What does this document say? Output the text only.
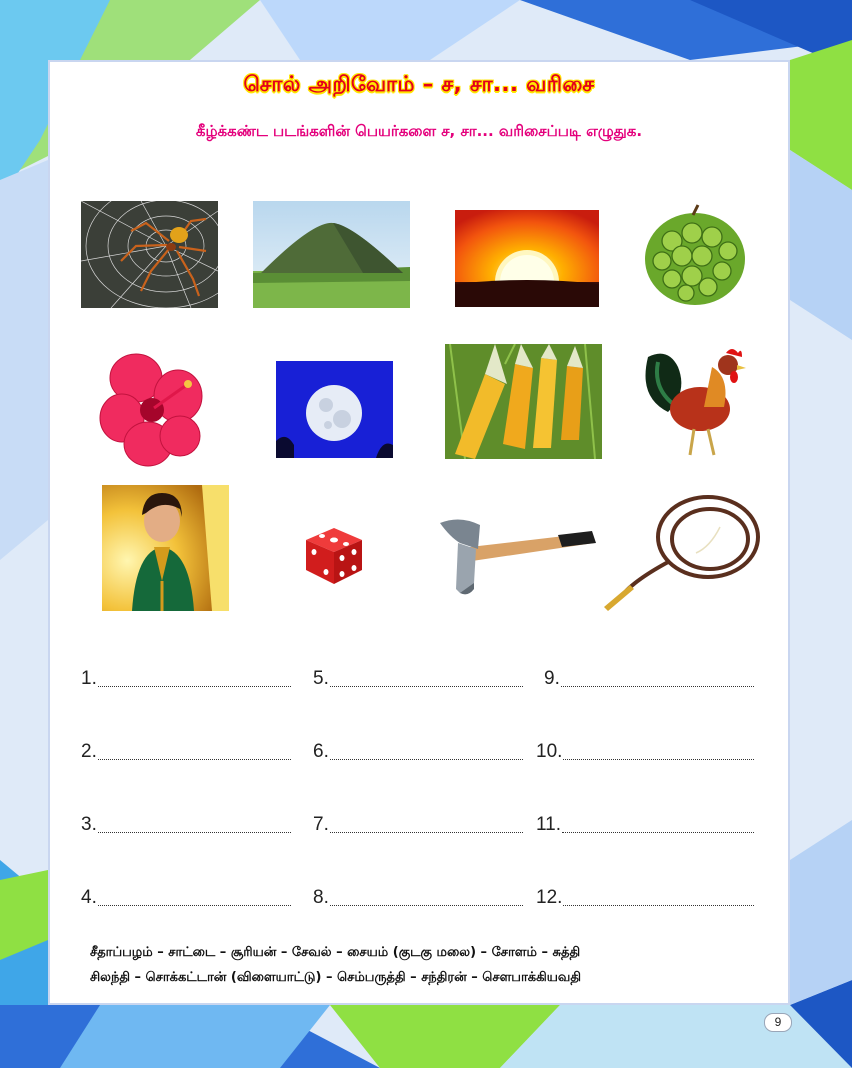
சொல் அறிவோம் – ச, சா... வரிசை
கீழ்க்கண்ட படங்களின் பெயர்களை ச, சா... வரிசைப்படி எழுதுக.
1.
2.
3.
4.
5.
6.
7.
8.
9.
10.
11.
12.
சீதாப்பழம் – சாட்டை – சூரியன் – சேவல் – சையம் (குடகு மலை) – சோளம் – சுத்தி
சிலந்தி – சொக்கட்டான் (விளையாட்டு) – செம்பருத்தி – சந்திரன் – சௌபாக்கியவதி
9
